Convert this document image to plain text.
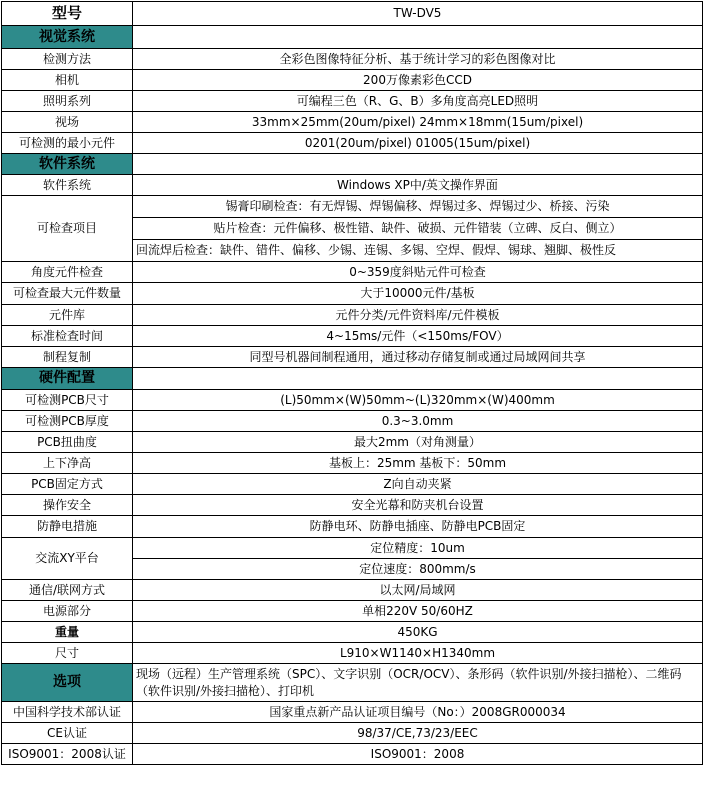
型号	TW-DV5
视觉系统	
检测方法	全彩色图像特征分析、基于统计学习的彩色图像对比
相机	200万像素彩色CCD
照明系列	可编程三色（R、G、B）多角度高亮LED照明
视场	33mm×25mm(20um/pixel) 24mm×18mm(15um/pixel)
可检测的最小元件	0201(20um/pixel) 01005(15um/pixel)
软件系统	
软件系统	Windows XP中/英文操作界面
可检查项目	锡膏印刷检查：有无焊锡、焊锡偏移、焊锡过多、焊锡过少、桥接、污染
	贴片检查：元件偏移、极性错、缺件、破损、元件错装（立碑、反白、侧立）
	回流焊后检查：缺件、错件、偏移、少锡、连锡、多锡、空焊、假焊、锡球、翘脚、极性反
角度元件检查	0~359度斜贴元件可检查
可检查最大元件数量	大于10000元件/基板
元件库	元件分类/元件资料库/元件模板
标准检查时间	4~15ms/元件（<150ms/FOV）
制程复制	同型号机器间制程通用，通过移动存储复制或通过局域网间共享
硬件配置	
可检测PCB尺寸	(L)50mm×(W)50mm~(L)320mm×(W)400mm
可检测PCB厚度	0.3~3.0mm
PCB扭曲度	最大2mm（对角测量）
上下净高	基板上：25mm 基板下：50mm
PCB固定方式	Z向自动夹紧
操作安全	安全光幕和防夹机台设置
防静电措施	防静电环、防静电插座、防静电PCB固定
交流XY平台	定位精度：10um
	定位速度：800mm/s
通信/联网方式	以太网/局域网
电源部分	单相220V 50/60HZ
重量	450KG
尺寸	L910×W1140×H1340mm
选项	现场（远程）生产管理系统（SPC）、文字识别（OCR/OCV）、条形码（软件识别/外接扫描枪）、二维码（软件识别/外接扫描枪）、打印机
中国科学技术部认证	国家重点新产品认证项目编号（No：）2008GR000034
CE认证	98/37/CE,73/23/EEC
ISO9001：2008认证	ISO9001：2008
